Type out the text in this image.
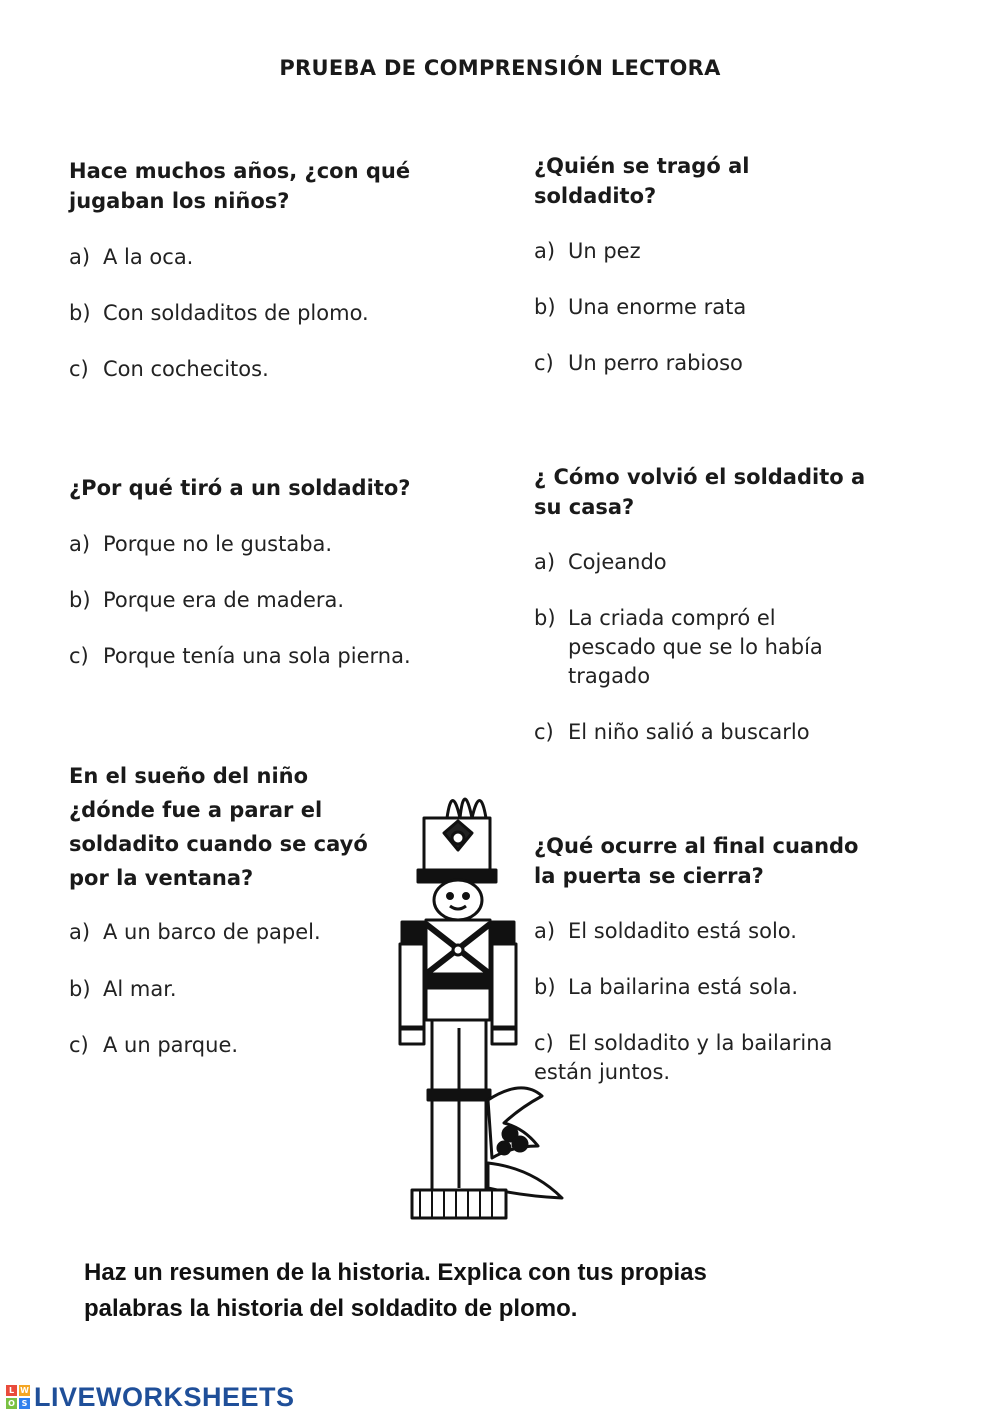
PRUEBA DE COMPRENSIÓN LECTORA
Hace muchos años, ¿con qué
jugaban los niños?
a) A la oca.
b) Con soldaditos de plomo.
c) Con cochecitos.
¿Quién se tragó al
soldadito?
a) Un pez
b) Una enorme rata
c) Un perro rabioso
¿Por qué tiró a un soldadito?
a) Porque no le gustaba.
b) Porque era de madera.
c) Porque tenía una sola pierna.
¿ Cómo volvió el soldadito a
su casa?
a) Cojeando
b) La criada compró el
pescado que se lo había
tragado
c) El niño salió a buscarlo
En el sueño del niño
¿dónde fue a parar el
soldadito cuando se cayó
por la ventana?
a) A un barco de papel.
b) Al mar.
c) A un parque.
¿Qué ocurre al final cuando
la puerta se cierra?
a) El soldadito está solo.
b) La bailarina está sola.
c) El soldadito y la bailarina
están juntos.
Haz un resumen de la historia. Explica con tus propias
palabras la historia del soldadito de plomo.
L W
O S LIVEWORKSHEETS
